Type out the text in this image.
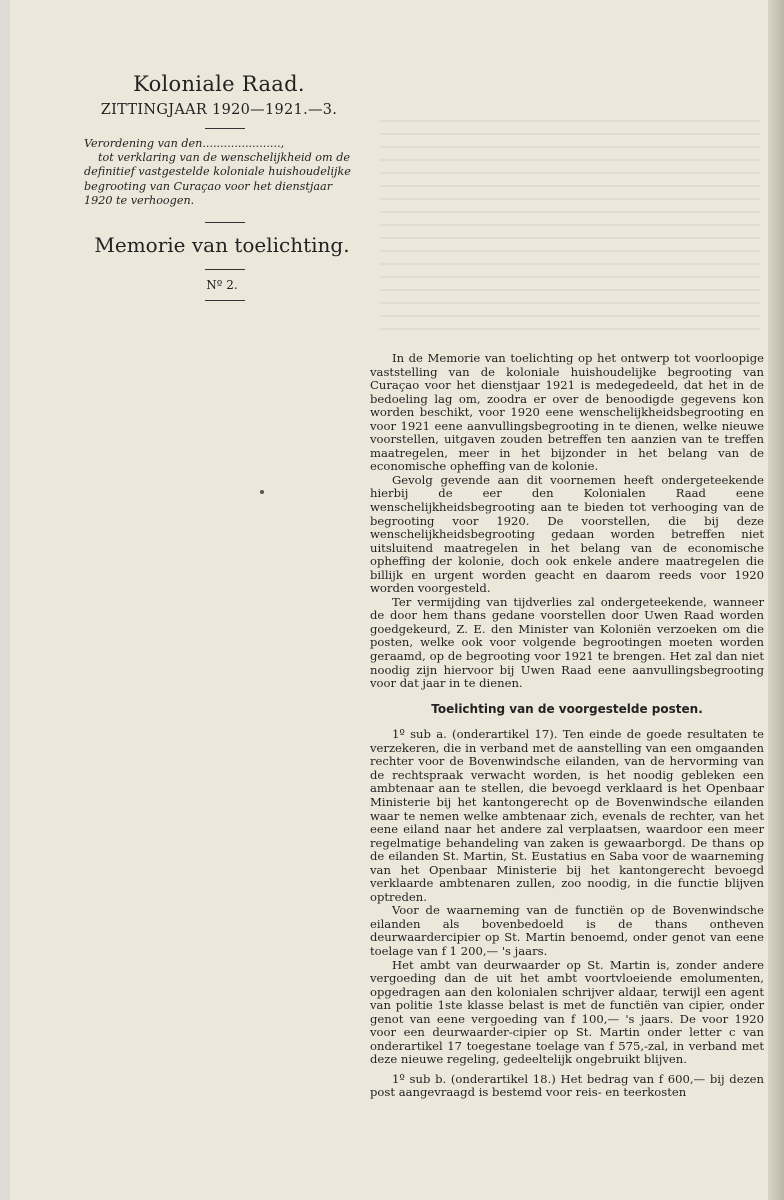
Koloniale Raad.
ZITTINGJAAR 1920—1921.—3.
Verordening van den......................,
tot verklaring van de wenschelijkheid om de
definitief vastgestelde koloniale huishoudelijke
begrooting van Curaçao voor het dienstjaar
1920 te verhoogen.
Memorie van toelichting.
Nº 2.

In de Memorie van toelichting op het ontwerp tot voorloopige vaststelling van de koloniale huishoudelijke begrooting van Curaçao voor het dienstjaar 1921 is medegedeeld, dat het in de bedoeling lag om, zoodra er over de benoodigde gegevens kon worden beschikt, voor 1920 eene wenschelijkheidsbegrooting en voor 1921 eene aanvullingsbegrooting in te dienen, welke nieuwe voorstellen, uitgaven zouden betreffen ten aanzien van te treffen maatregelen, meer in het bijzonder in het belang van de economische opheffing van de kolonie.

Gevolg gevende aan dit voornemen heeft ondergeteekende hierbij de eer den Kolonialen Raad eene wenschelijkheidsbegrooting aan te bieden tot verhooging van de begrooting voor 1920. De voorstellen, die bij deze wenschelijkheidsbegrooting gedaan worden betreffen niet uitsluitend maatregelen in het belang van de economische opheffing der kolonie, doch ook enkele andere maatregelen die billijk en urgent worden geacht en daarom reeds voor 1920 worden voorgesteld.

Ter vermijding van tijdverlies zal ondergeteekende, wanneer de door hem thans gedane voorstellen door Uwen Raad worden goedgekeurd, Z. E. den Minister van Koloniën verzoeken om die posten, welke ook voor volgende begrootingen moeten worden geraamd, op de begrooting voor 1921 te brengen. Het zal dan niet noodig zijn hiervoor bij Uwen Raad eene aanvullingsbegrooting voor dat jaar in te dienen.

Toelichting van de voorgestelde posten.

1º sub a. (onderartikel 17). Ten einde de goede resultaten te verzekeren, die in verband met de aanstelling van een omgaanden rechter voor de Bovenwindsche eilanden, van de hervorming van de rechtspraak verwacht worden, is het noodig gebleken een ambtenaar aan te stellen, die bevoegd verklaard is het Openbaar Ministerie bij het kantongerecht op de Bovenwindsche eilanden waar te nemen welke ambtenaar zich, evenals de rechter, van het eene eiland naar het andere zal verplaatsen, waardoor een meer regelmatige behandeling van zaken is gewaarborgd. De thans op de eilanden St. Martin, St. Eustatius en Saba voor de waarneming van het Openbaar Ministerie bij het kantongerecht bevoegd verklaarde ambtenaren zullen, zoo noodig, in die functie blijven optreden.

Voor de waarneming van de functiën op de Bovenwindsche eilanden als bovenbedoeld is de thans ontheven deurwaardercipier op St. Martin benoemd, onder genot van eene toelage van f 1 200,— 's jaars.

Het ambt van deurwaarder op St. Martin is, zonder andere vergoeding dan de uit het ambt voortvloeiende emolumenten, opgedragen aan den kolonialen schrijver aldaar, terwijl een agent van politie 1ste klasse belast is met de functiën van cipier, onder genot van eene vergoeding van f 100,— 's jaars. De voor 1920 voor een deurwaarder-cipier op St. Martin onder letter c van onderartikel 17 toegestane toelage van f 575,-zal, in verband met deze nieuwe regeling, gedeeltelijk ongebruikt blijven.

1º sub b. (onderartikel 18.) Het bedrag van f 600,— bij dezen post aangevraagd is bestemd voor reis- en teerkosten
